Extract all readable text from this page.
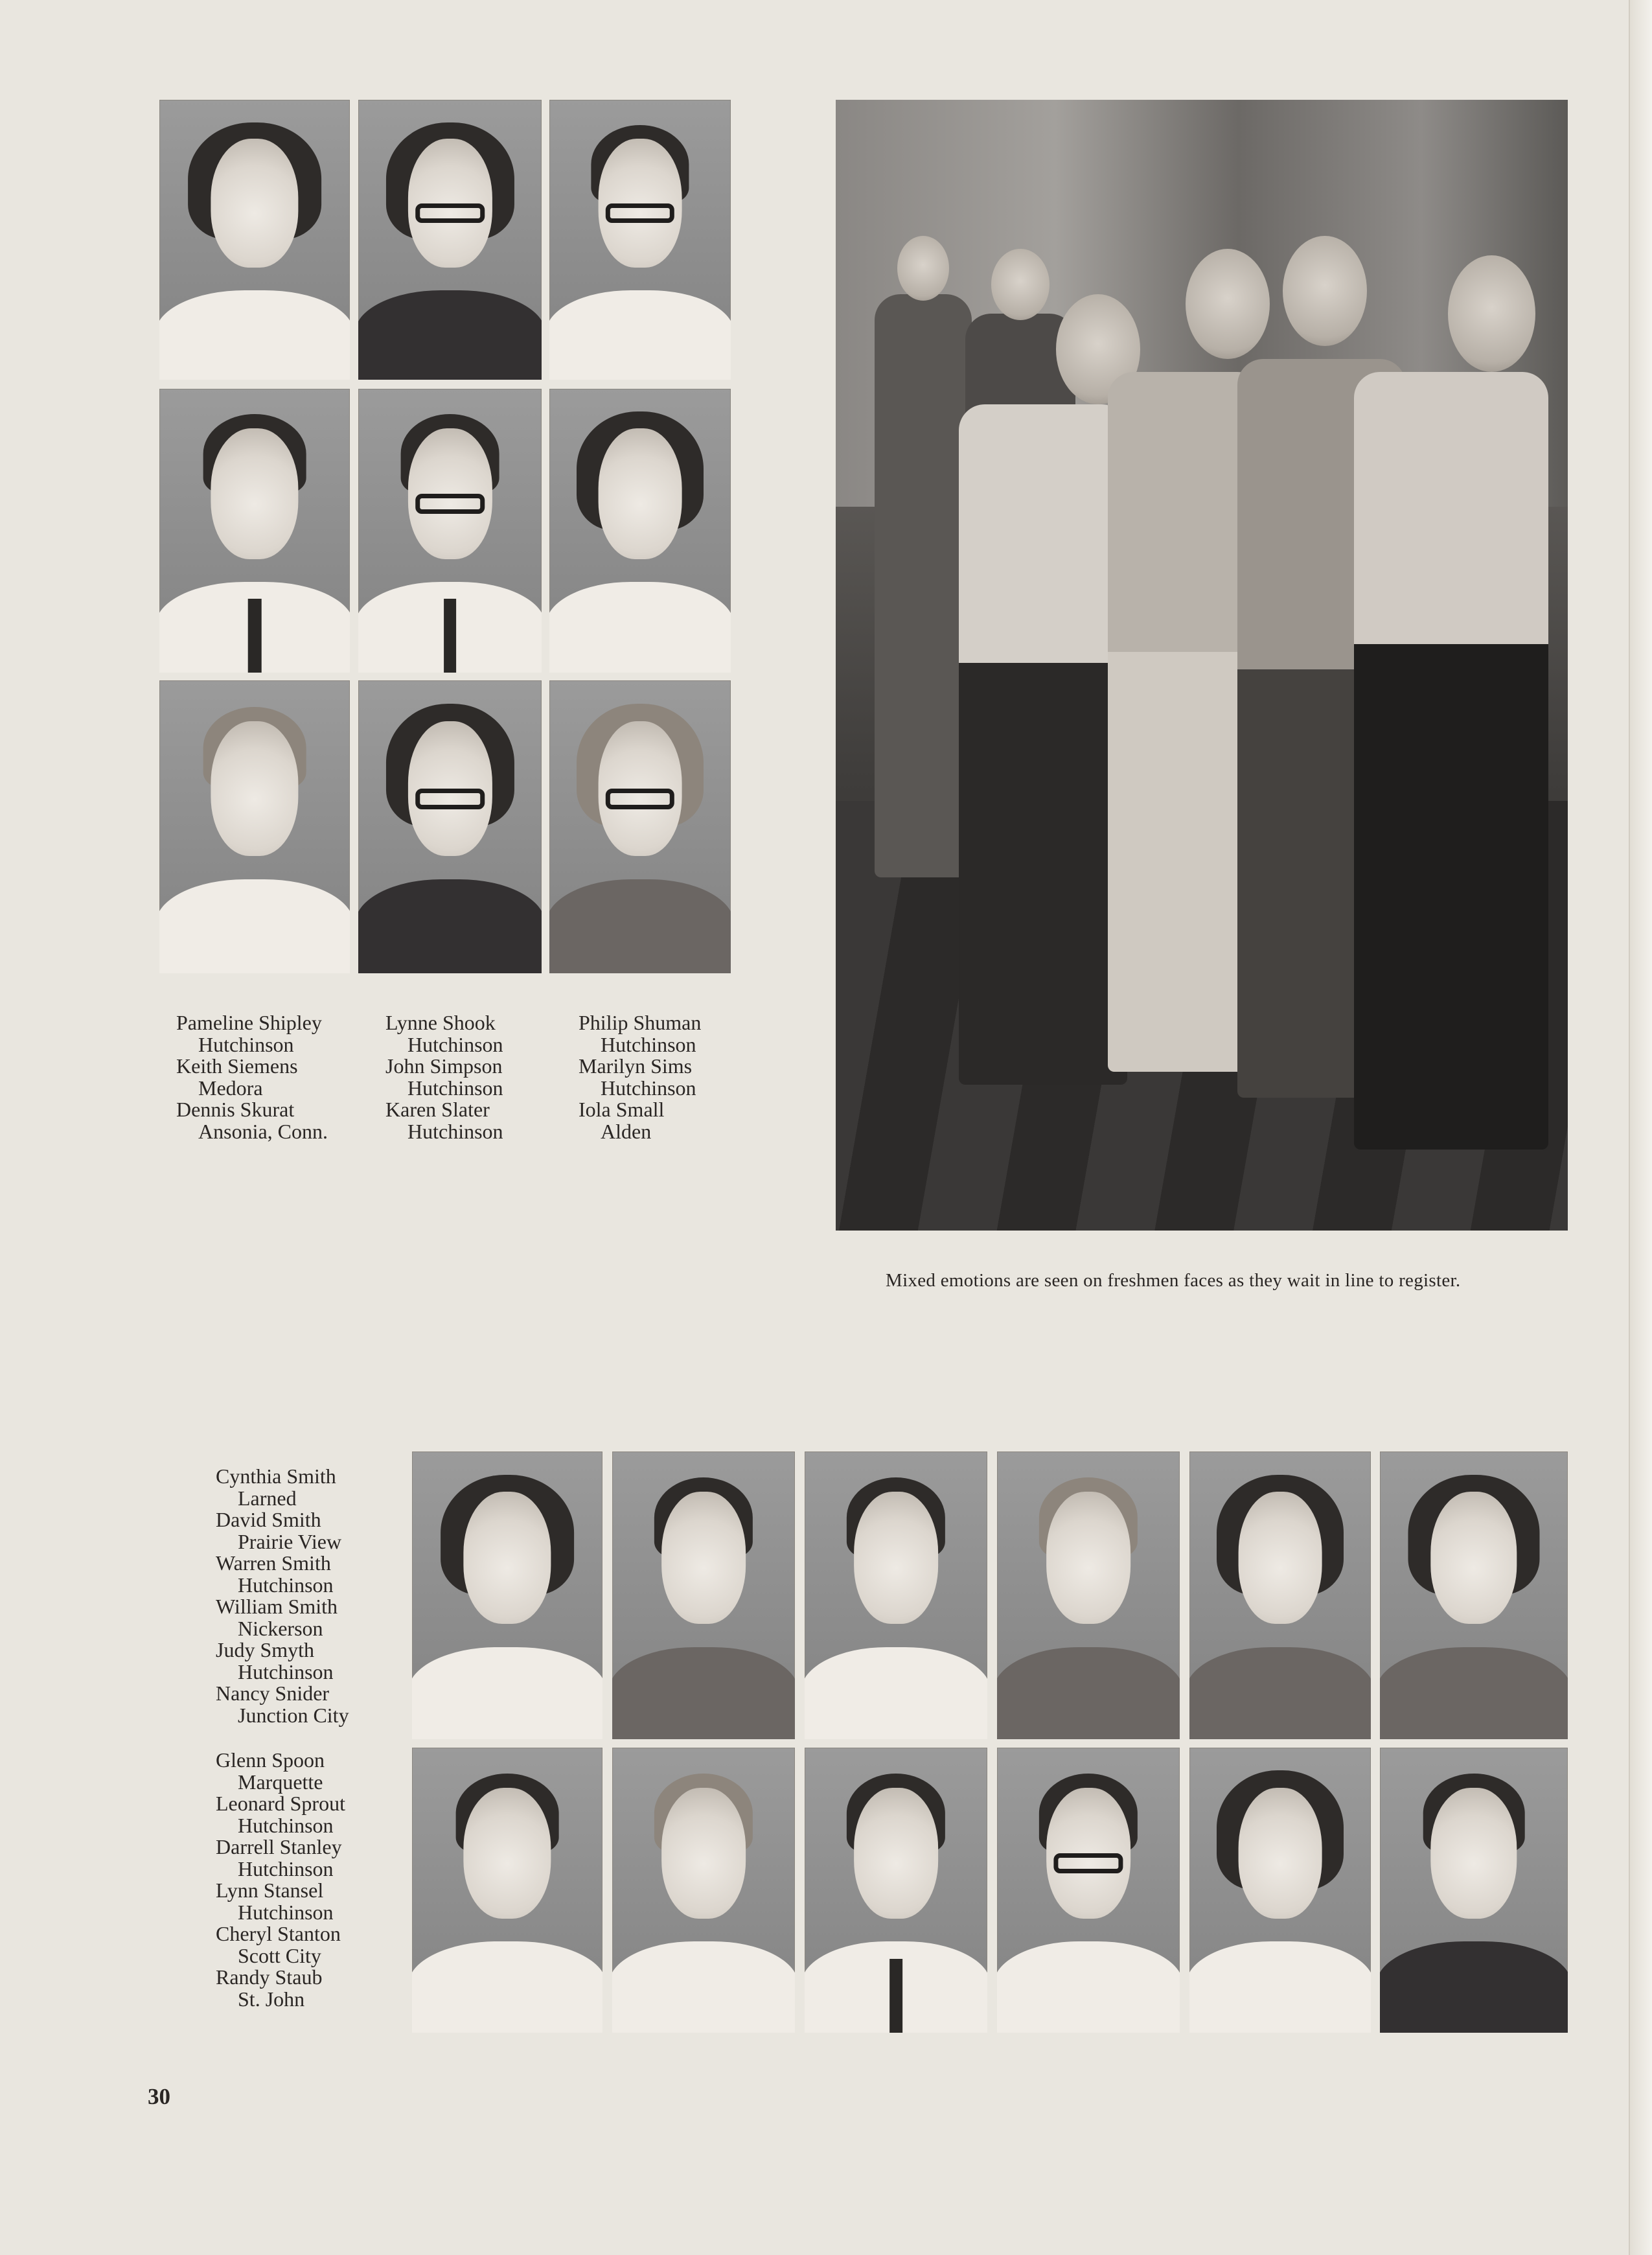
Pameline Shipley
Hutchinson
Keith Siemens
Medora
Dennis Skurat
Ansonia, Conn.
Lynne Shook
Hutchinson
John Simpson
Hutchinson
Karen Slater
Hutchinson
Philip Shuman
Hutchinson
Marilyn Sims
Hutchinson
Iola Small
Alden
Mixed emotions are seen on freshmen faces as they wait in line to register.
Cynthia Smith
Larned
David Smith
Prairie View
Warren Smith
Hutchinson
William Smith
Nickerson
Judy Smyth
Hutchinson
Nancy Snider
Junction City
Glenn Spoon
Marquette
Leonard Sprout
Hutchinson
Darrell Stanley
Hutchinson
Lynn Stansel
Hutchinson
Cheryl Stanton
Scott City
Randy Staub
St. John
30
